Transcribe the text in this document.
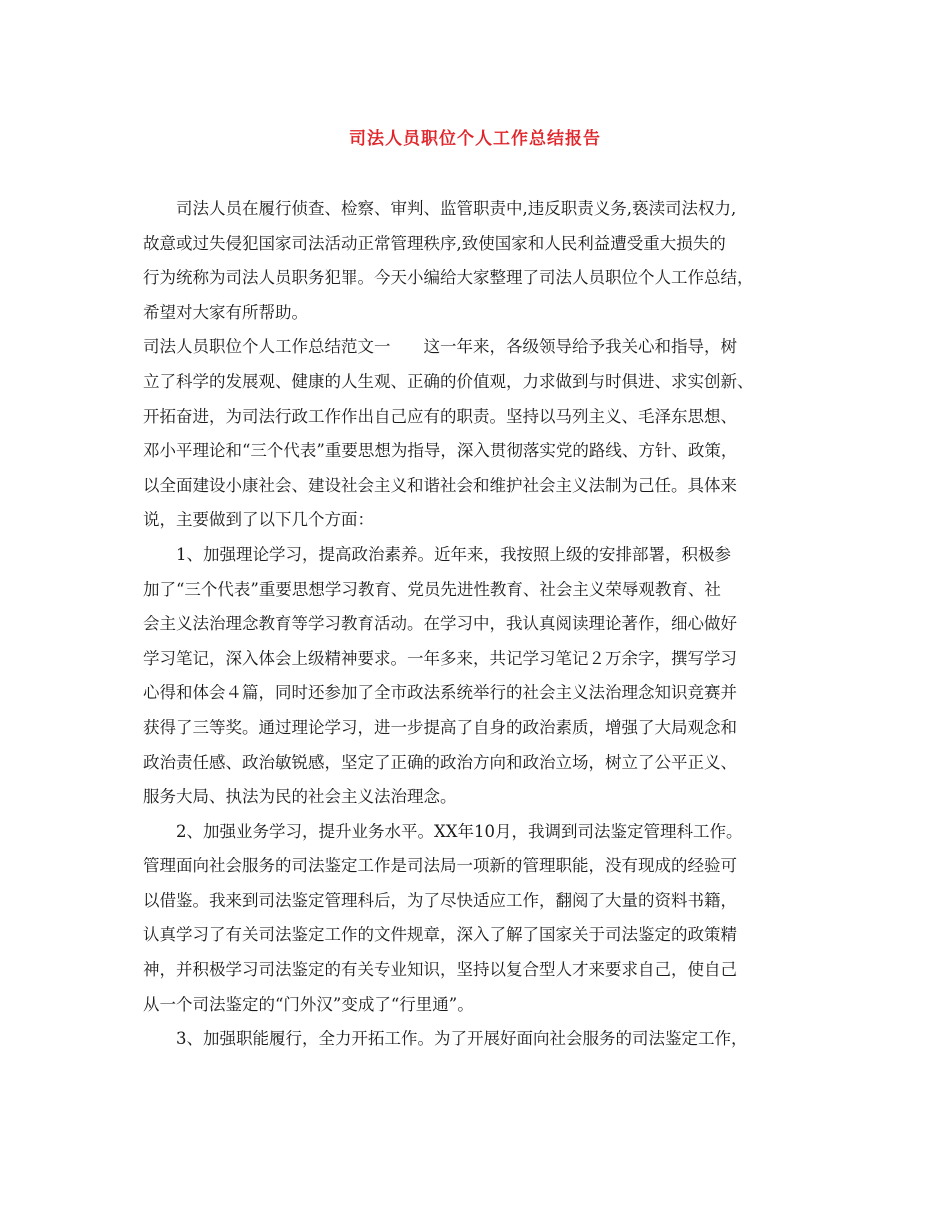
司法人员职位个人工作总结报告
司法人员在履行侦查、检察、审判、监管职责中,违反职责义务,亵渎司法权力,
故意或过失侵犯国家司法活动正常管理秩序,致使国家和人民利益遭受重大损失的
行为统称为司法人员职务犯罪。今天小编给大家整理了司法人员职位个人工作总结，
希望对大家有所帮助。
司法人员职位个人工作总结范文一　　这一年来，各级领导给予我关心和指导，树
立了科学的发展观、健康的人生观、正确的价值观，力求做到与时俱进、求实创新、
开拓奋进，为司法行政工作作出自己应有的职责。坚持以马列主义、毛泽东思想、
邓小平理论和“三个代表”重要思想为指导，深入贯彻落实党的路线、方针、政策，
以全面建设小康社会、建设社会主义和谐社会和维护社会主义法制为己任。具体来
说，主要做到了以下几个方面：
1、加强理论学习，提高政治素养。近年来，我按照上级的安排部署，积极参
加了“三个代表”重要思想学习教育、党员先进性教育、社会主义荣辱观教育、社
会主义法治理念教育等学习教育活动。在学习中，我认真阅读理论著作，细心做好
学习笔记，深入体会上级精神要求。一年多来，共记学习笔记２万余字，撰写学习
心得和体会４篇，同时还参加了全市政法系统举行的社会主义法治理念知识竞赛并
获得了三等奖。通过理论学习，进一步提高了自身的政治素质，增强了大局观念和
政治责任感、政治敏锐感，坚定了正确的政治方向和政治立场，树立了公平正义、
服务大局、执法为民的社会主义法治理念。
2、加强业务学习，提升业务水平。XX年10月，我调到司法鉴定管理科工作。
管理面向社会服务的司法鉴定工作是司法局一项新的管理职能，没有现成的经验可
以借鉴。我来到司法鉴定管理科后，为了尽快适应工作，翻阅了大量的资料书籍，
认真学习了有关司法鉴定工作的文件规章，深入了解了国家关于司法鉴定的政策精
神，并积极学习司法鉴定的有关专业知识，坚持以复合型人才来要求自己，使自己
从一个司法鉴定的“门外汉”变成了“行里通”。
3、加强职能履行，全力开拓工作。为了开展好面向社会服务的司法鉴定工作，
